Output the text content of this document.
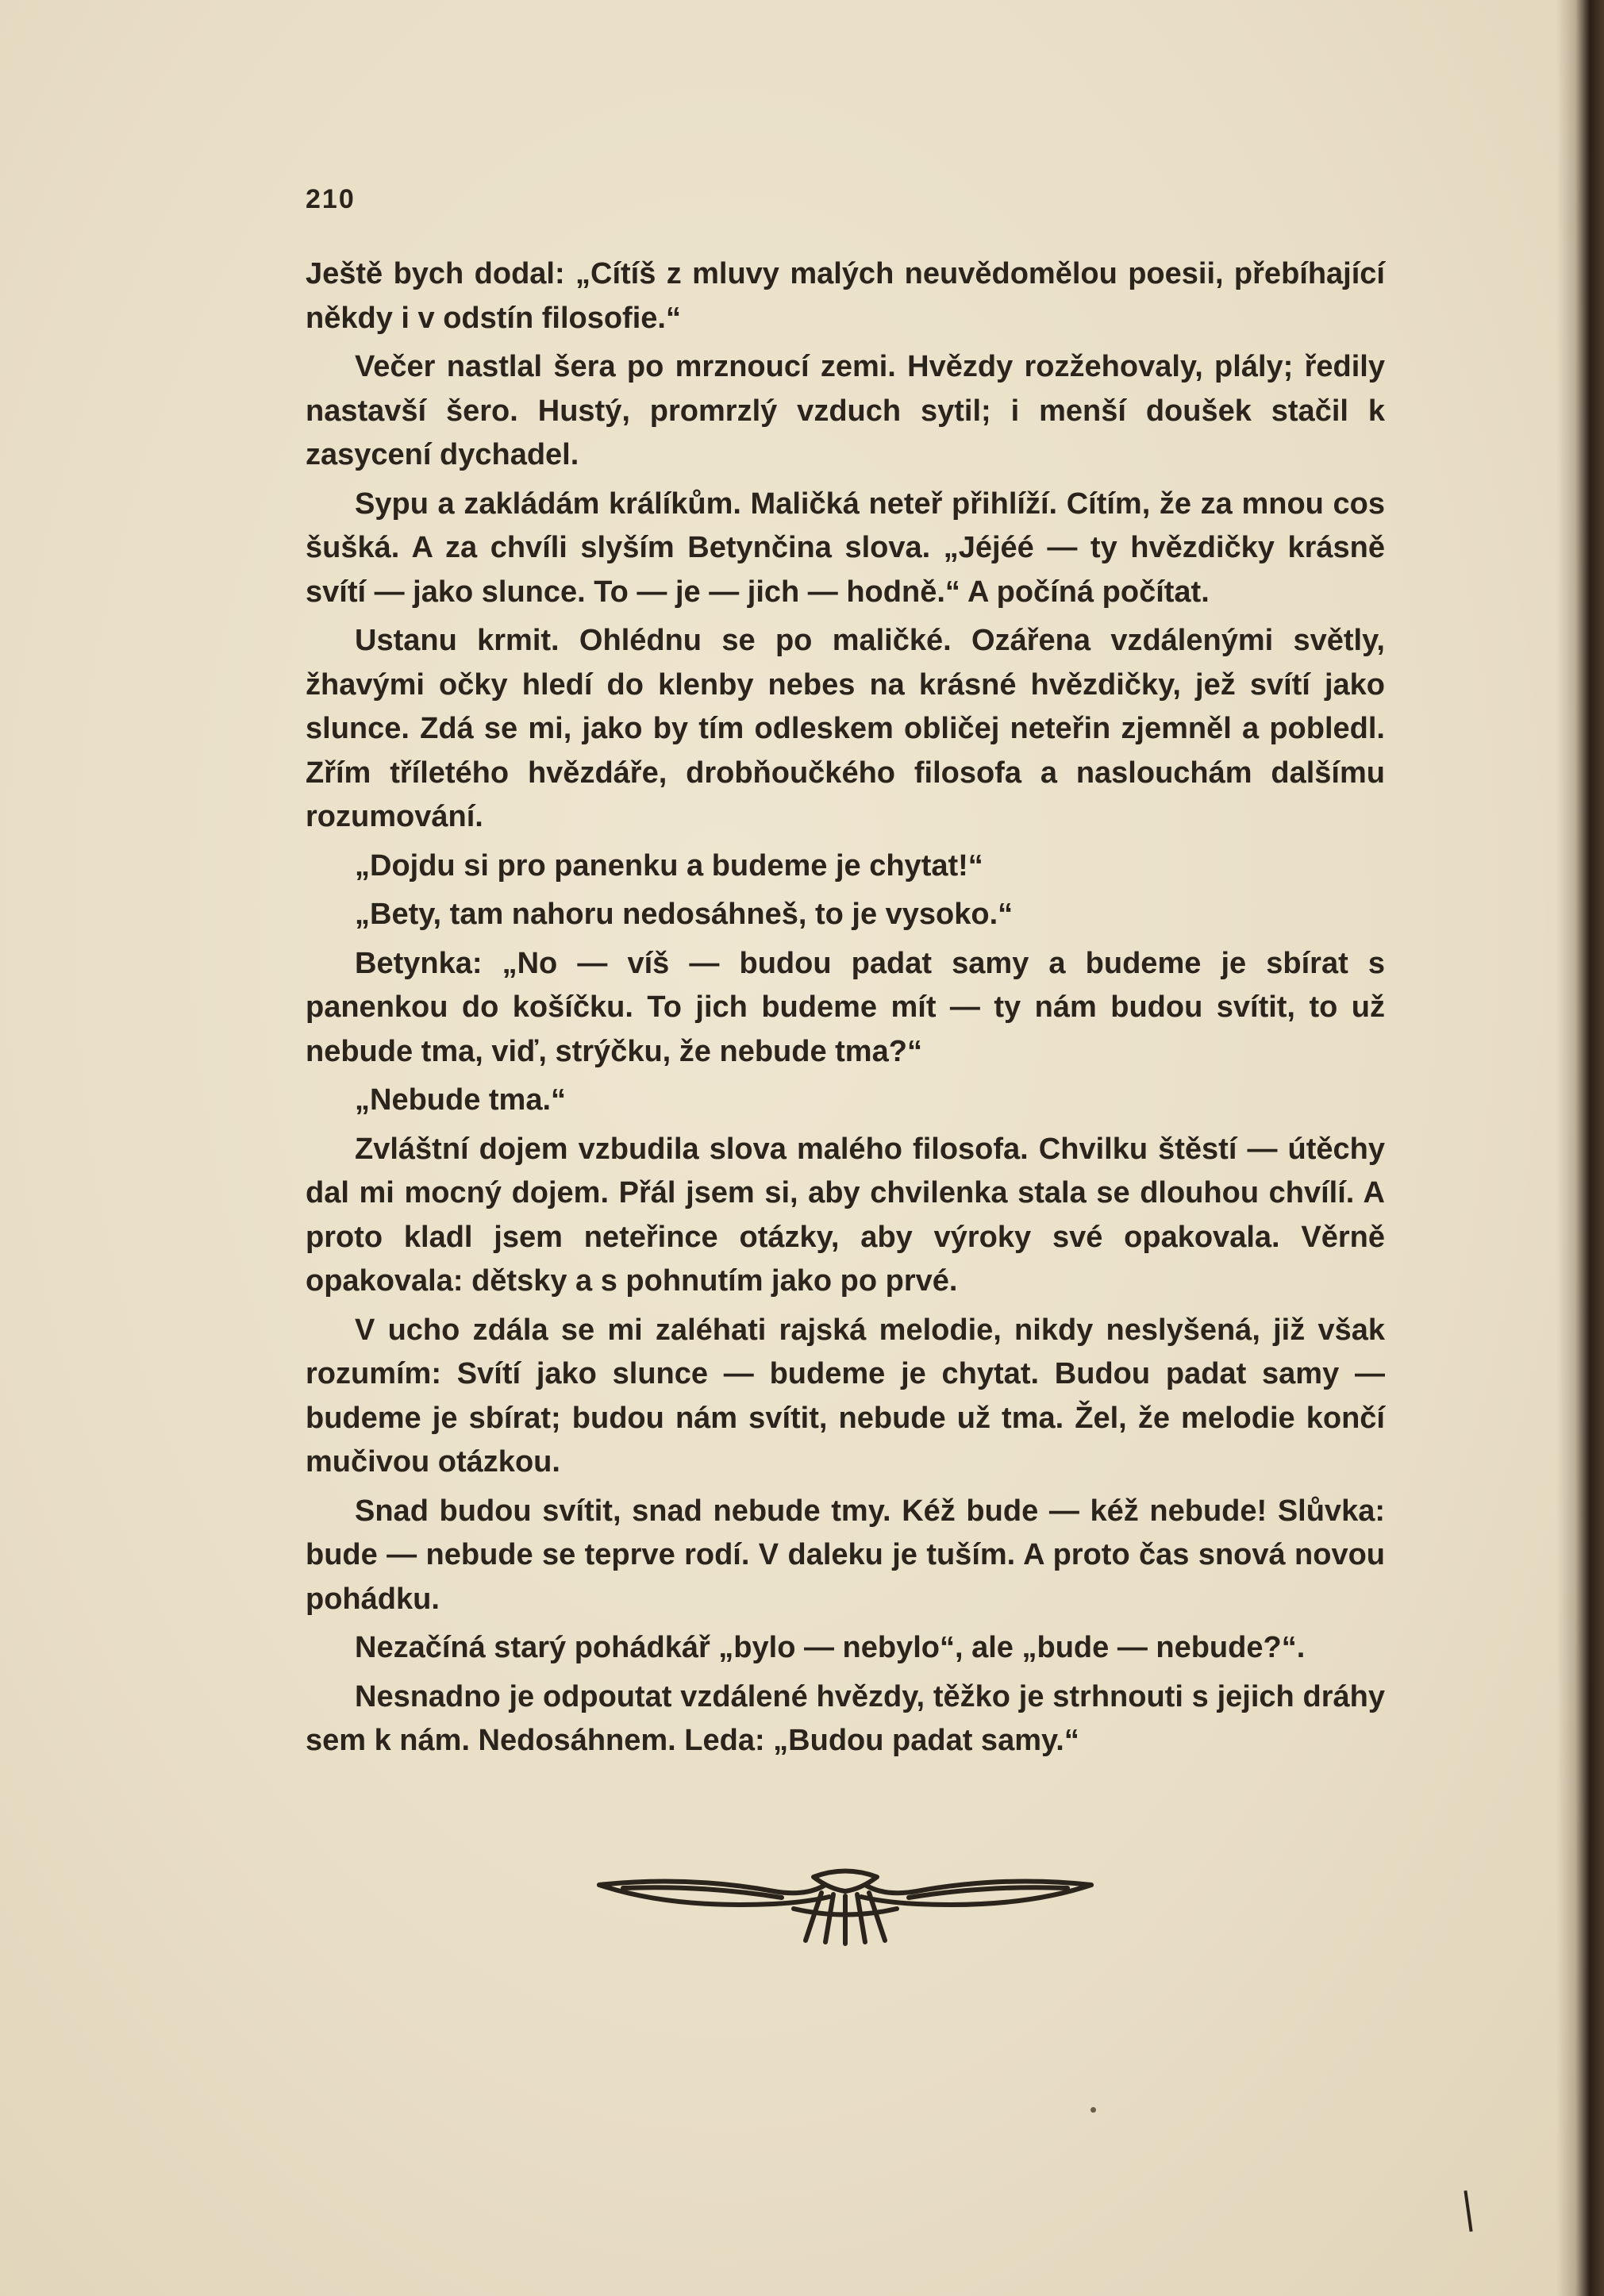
210

Ještě bych dodal: „Cítíš z mluvy malých neuvědomělou poesii, přebíhající někdy i v odstín filosofie.“

Večer nastlal šera po mrznoucí zemi. Hvězdy rozžehovaly, plály; ředily nastavší šero. Hustý, promrzlý vzduch sytil; i menší doušek stačil k zasycení dychadel.

Sypu a zakládám králíkům. Maličká neteř přihlíží. Cítím, že za mnou cos šušká. A za chvíli slyším Betynčina slova. „Jéjéé — ty hvězdičky krásně svítí — jako slunce. To — je — jich — hodně.“ A počíná počítat.

Ustanu krmit. Ohlédnu se po maličké. Ozářena vzdálenými světly, žhavými očky hledí do klenby nebes na krásné hvězdičky, jež svítí jako slunce. Zdá se mi, jako by tím odleskem obličej neteřin zjemněl a pobledl. Zřím tříletého hvězdáře, drobňoučkého filosofa a naslouchám dalšímu rozumování.

„Dojdu si pro panenku a budeme je chytat!“

„Bety, tam nahoru nedosáhneš, to je vysoko.“

Betynka: „No — víš — budou padat samy a budeme je sbírat s panenkou do košíčku. To jich budeme mít — ty nám budou svítit, to už nebude tma, viď, strýčku, že nebude tma?“

„Nebude tma.“

Zvláštní dojem vzbudila slova malého filosofa. Chvilku štěstí — útěchy dal mi mocný dojem. Přál jsem si, aby chvilenka stala se dlouhou chvílí. A proto kladl jsem neteřince otázky, aby výroky své opakovala. Věrně opakovala: dětsky a s pohnutím jako po prvé.

V ucho zdála se mi zaléhati rajská melodie, nikdy neslyšená, již však rozumím: Svítí jako slunce — budeme je chytat. Budou padat samy — budeme je sbírat; budou nám svítit, nebude už tma. Žel, že melodie končí mučivou otázkou.

Snad budou svítit, snad nebude tmy. Kéž bude — kéž nebude! Slůvka: bude — nebude se teprve rodí. V daleku je tuším. A proto čas snová novou pohádku.

Nezačíná starý pohádkář „bylo — nebylo“, ale „bude — nebude?“.

Nesnadno je odpoutat vzdálené hvězdy, těžko je strhnouti s jejich dráhy sem k nám. Nedosáhnem. Leda: „Budou padat samy.“
